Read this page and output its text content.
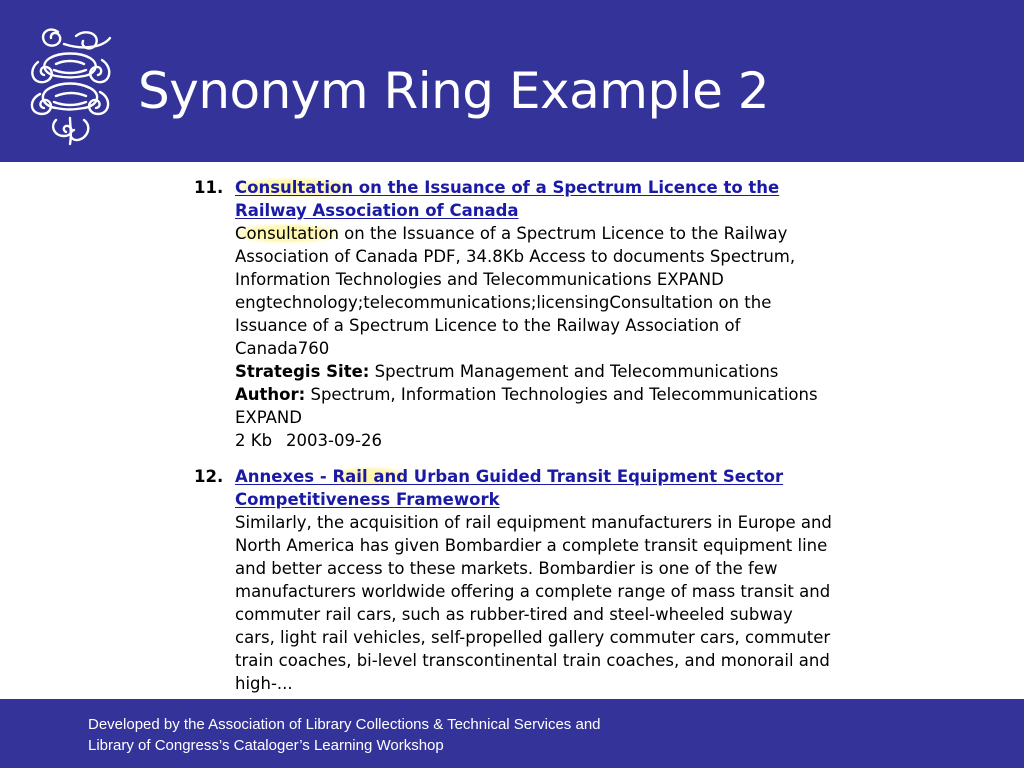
Synonym Ring Example 2
11. Consultation on the Issuance of a Spectrum Licence to the
Railway Association of Canada
Consultation on the Issuance of a Spectrum Licence to the Railway Association of Canada PDF, 34.8Kb Access to documents Spectrum, Information Technologies and Telecommunications EXPAND engtechnology;telecommunications;licensingConsultation on the Issuance of a Spectrum Licence to the Railway Association of Canada760
Strategis Site: Spectrum Management and Telecommunications
Author: Spectrum, Information Technologies and Telecommunications EXPAND
2 Kb 2003-09-26
12. Annexes - Rail and Urban Guided Transit Equipment Sector
Competitiveness Framework
Similarly, the acquisition of rail equipment manufacturers in Europe and North America has given Bombardier a complete transit equipment line and better access to these markets. Bombardier is one of the few manufacturers worldwide offering a complete range of mass transit and commuter rail cars, such as rubber-tired and steel-wheeled subway cars, light rail vehicles, self-propelled gallery commuter cars, commuter train coaches, bi-level transcontinental train coaches, and monorail and high-...
Developed by the Association of Library Collections & Technical Services and
Library of Congress’s Cataloger’s Learning Workshop
